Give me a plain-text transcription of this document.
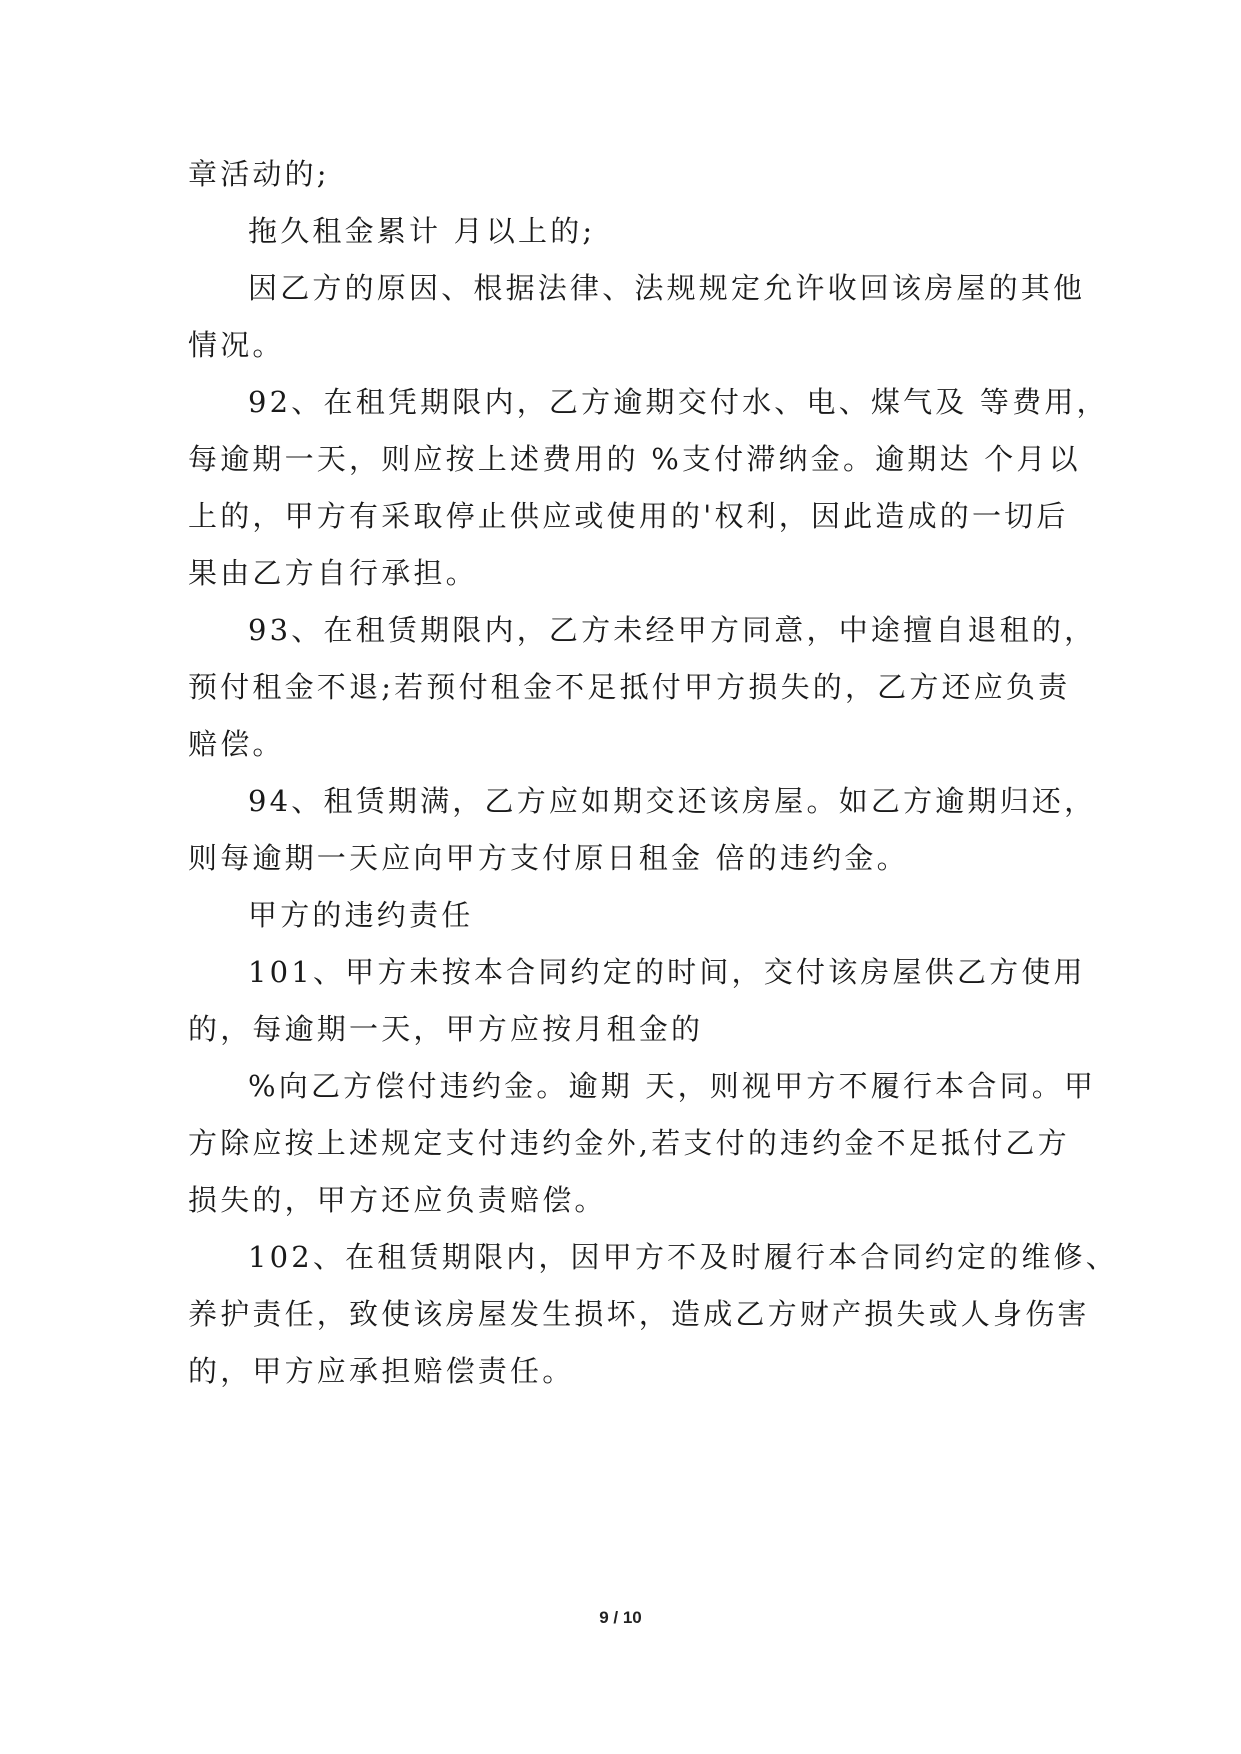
章活动的;
拖久租金累计 月以上的;
因乙方的原因、根据法律、法规规定允许收回该房屋的其他
情况。
92、在租凭期限内，乙方逾期交付水、电、煤气及 等费用，
每逾期一天，则应按上述费用的 %支付滞纳金。逾期达 个月以
上的，甲方有采取停止供应或使用的'权利，因此造成的一切后
果由乙方自行承担。
93、在租赁期限内，乙方未经甲方同意，中途擅自退租的，
预付租金不退;若预付租金不足抵付甲方损失的，乙方还应负责
赔偿。
94、租赁期满，乙方应如期交还该房屋。如乙方逾期归还，
则每逾期一天应向甲方支付原日租金 倍的违约金。
甲方的违约责任
101、甲方未按本合同约定的时间，交付该房屋供乙方使用
的，每逾期一天，甲方应按月租金的
%向乙方偿付违约金。逾期 天，则视甲方不履行本合同。甲
方除应按上述规定支付违约金外,若支付的违约金不足抵付乙方
损失的，甲方还应负责赔偿。
102、在租赁期限内，因甲方不及时履行本合同约定的维修、
养护责任，致使该房屋发生损坏，造成乙方财产损失或人身伤害
的，甲方应承担赔偿责任。
9 / 10
